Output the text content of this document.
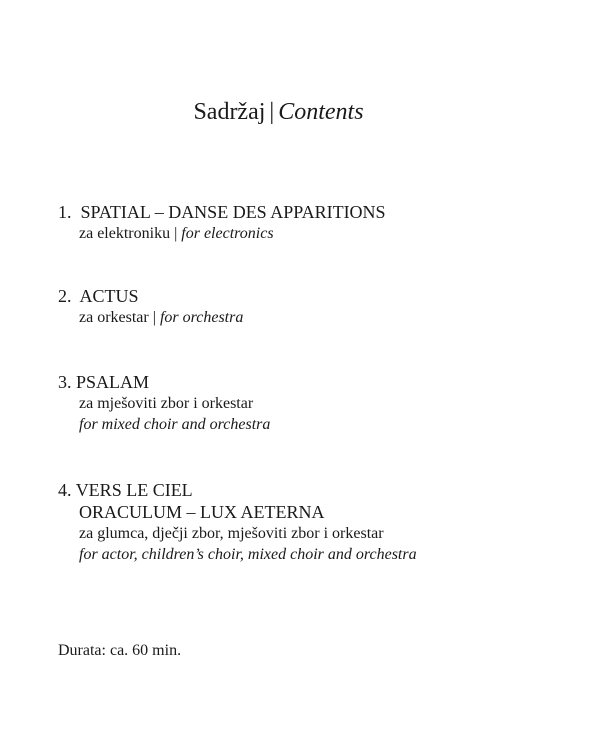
Sadržaj | Contents
1. SPATIAL – DANSE DES APPARITIONS
za elektroniku | for electronics
2. ACTUS
za orkestar | for orchestra
3. PSALAM
za mješoviti zbor i orkestar
for mixed choir and orchestra
4. VERS LE CIEL
ORACULUM – LUX AETERNA
za glumca, dječji zbor, mješoviti zbor i orkestar
for actor, children’s choir, mixed choir and orchestra
Durata: ca. 60 min.
